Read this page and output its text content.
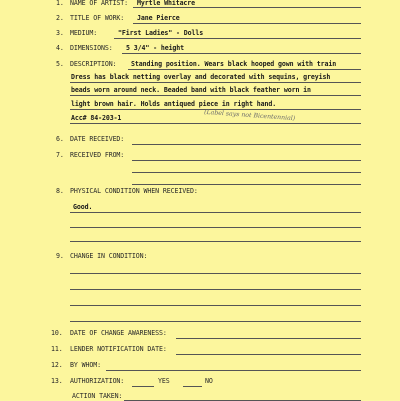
1. NAME OF ARTIST: Myrtle Whitacre
2. TITLE OF WORK: Jane Pierce
3. MEDIUM:	"First Ladies" - Dolls
4. DIMENSIONS: 5 3/4" - height
5. DESCRIPTION: Standing position. Wears black hooped gown with train
Dress has black netting overlay and decorated with sequins, greyish
beads worn around neck. Beaded band with black feather worn in
light brown hair. Holds antiqued piece in right hand.
Acc# 84-203-1	(Label says not Bicentennial)
6. DATE RECEIVED:
7. RECEIVED FROM:
8. PHYSICAL CONDITION WHEN RECEIVED:
Good.
9. CHANGE IN CONDITION:
10. DATE OF CHANGE AWARENESS:
11. LENDER NOTIFICATION DATE:
12. BY WHOM:
13. AUTHORIZATION:	YES	NO
ACTION TAKEN:
